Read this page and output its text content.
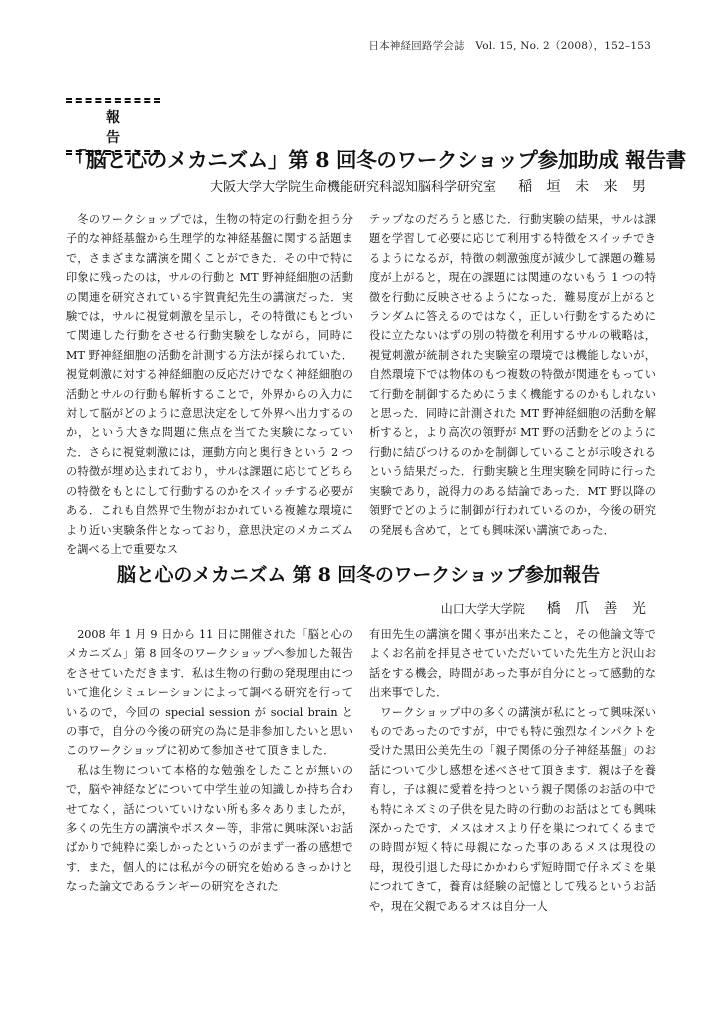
日本神経回路学会誌　Vol. 15, No. 2（2008），152–153
報告
「脳と心のメカニズム」第 8 回冬のワークショップ参加助成 報告書
大阪大学大学院生命機能研究科認知脳科学研究室 稲 垣 未 来 男

冬のワークショップでは，生物の特定の行動を担う分子的な神経基盤から生理学的な神経基盤に関する話題まで，さまざまな講演を聞くことができた．その中で特に印象に残ったのは，サルの行動と MT 野神経細胞の活動の関連を研究されている宇賀貴紀先生の講演だった．実験では，サルに視覚刺激を呈示し，その特徴にもとづいて関連した行動をさせる行動実験をしながら，同時に MT 野神経細胞の活動を計測する方法が採られていた．視覚刺激に対する神経細胞の反応だけでなく神経細胞の活動とサルの行動も解析することで，外界からの入力に対して脳がどのように意思決定をして外界へ出力するのか，という大きな問題に焦点を当てた実験になっていた．さらに視覚刺激には，運動方向と奥行きという 2 つの特徴が埋め込まれており，サルは課題に応じてどちらの特徴をもとにして行動するのかをスイッチする必要がある．これも自然界で生物がおかれている複雑な環境により近い実験条件となっており，意思決定のメカニズムを調べる上で重要なス

テップなのだろうと感じた．行動実験の結果，サルは課題を学習して必要に応じて利用する特徴をスイッチできるようになるが，特徴の刺激強度が減少して課題の難易度が上がると，現在の課題には関連のないもう 1 つの特徴を行動に反映させるようになった．難易度が上がるとランダムに答えるのではなく，正しい行動をするために役に立たないはずの別の特徴を利用するサルの戦略は，視覚刺激が統制された実験室の環境では機能しないが，自然環境下では物体のもつ複数の特徴が関連をもっていて行動を制御するためにうまく機能するのかもしれないと思った．同時に計測された MT 野神経細胞の活動を解析すると，より高次の領野が MT 野の活動をどのように行動に結びつけるのかを制御していることが示唆されるという結果だった．行動実験と生理実験を同時に行った実験であり，説得力のある結論であった．MT 野以降の領野でどのように制御が行われているのか，今後の研究の発展も含めて，とても興味深い講演であった．

脳と心のメカニズム 第 8 回冬のワークショップ参加報告
山口大学大学院 橋 爪 善 光

2008 年 1 月 9 日から 11 日に開催された「脳と心のメカニズム」第 8 回冬のワークショップへ参加した報告をさせていただきます．私は生物の行動の発現理由について進化シミュレーションによって調べる研究を行っているので，今回の special session が social brain との事で，自分の今後の研究の為に是非参加したいと思いこのワークショップに初めて参加させて頂きました．

私は生物について本格的な勉強をしたことが無いので，脳や神経などについて中学生並の知識しか持ち合わせてなく，話についていけない所も多々ありましたが，多くの先生方の講演やポスター等，非常に興味深いお話ばかりで純粋に楽しかったというのがまず一番の感想です．また，個人的には私が今の研究を始めるきっかけとなった論文であるランギーの研究をされた

有田先生の講演を聞く事が出来たこと，その他論文等でよくお名前を拝見させていただいていた先生方と沢山お話をする機会，時間があった事が自分にとって感動的な出来事でした．

ワークショップ中の多くの講演が私にとって興味深いものであったのですが，中でも特に強烈なインパクトを受けた黒田公美先生の「親子関係の分子神経基盤」のお話について少し感想を述べさせて頂きます．親は子を養育し，子は親に愛着を持つという親子関係のお話の中でも特にネズミの子供を見た時の行動のお話はとても興味深かったです．メスはオスより仔を巣につれてくるまでの時間が短く特に母親になった事のあるメスは現役の母，現役引退した母にかかわらず短時間で仔ネズミを巣につれてきて，養育は経験の記憶として残るというお話や，現在父親であるオスは自分一人
